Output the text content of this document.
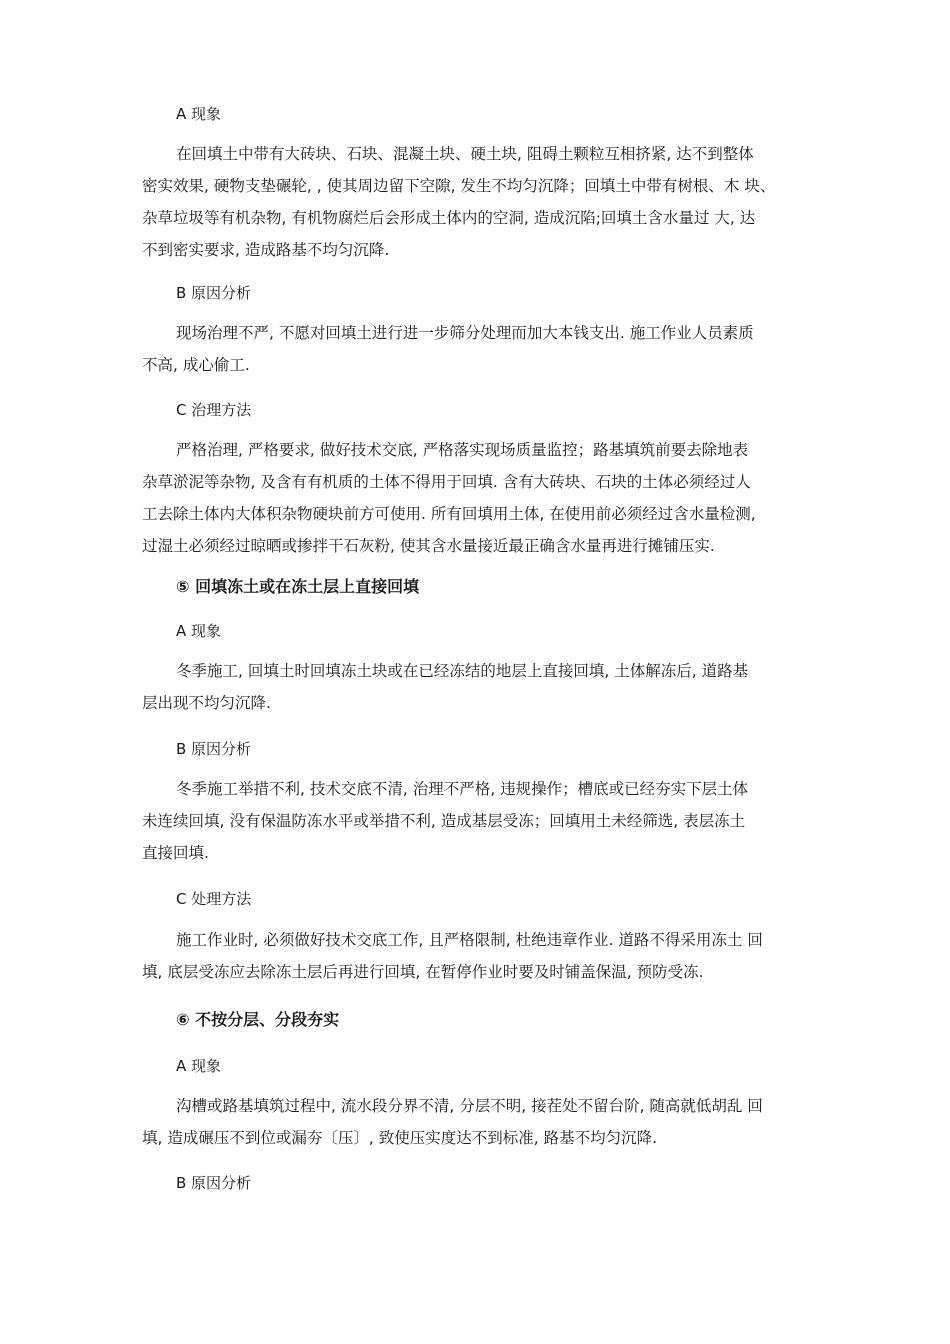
A 现象
在回填土中带有大砖块、石块、混凝土块、硬土块, 阻碍土颗粒互相挤紧, 达不到整体
密实效果, 硬物支垫碾轮, , 使其周边留下空隙, 发生不均匀沉降；回填土中带有树根、木 块、
杂草垃圾等有机杂物, 有机物腐烂后会形成土体内的空洞, 造成沉陷;回填土含水量过 大, 达
不到密实要求, 造成路基不均匀沉降.
B 原因分析
现场治理不严, 不愿对回填土进行进一步筛分处理而加大本钱支出. 施工作业人员素质
不高, 成心偷工.
C 治理方法
严格治理, 严格要求, 做好技术交底, 严格落实现场质量监控；路基填筑前要去除地表
杂草淤泥等杂物, 及含有有机质的土体不得用于回填. 含有大砖块、石块的土体必须经过人
工去除土体内大体积杂物硬块前方可使用. 所有回填用土体, 在使用前必须经过含水量检测,
过湿土必须经过晾晒或掺拌干石灰粉, 使其含水量接近最正确含水量再进行摊铺压实.
⑤ 回填冻土或在冻土层上直接回填
A 现象
冬季施工, 回填土时回填冻土块或在已经冻结的地层上直接回填, 土体解冻后, 道路基
层出现不均匀沉降.
B 原因分析
冬季施工举措不利, 技术交底不清, 治理不严格, 违规操作；槽底或已经夯实下层土体
未连续回填, 没有保温防冻水平或举措不利, 造成基层受冻；回填用土未经筛选, 表层冻土
直接回填.
C 处理方法
施工作业时, 必须做好技术交底工作, 且严格限制, 杜绝违章作业. 道路不得采用冻土 回
填, 底层受冻应去除冻土层后再进行回填, 在暂停作业时要及时铺盖保温, 预防受冻.
⑥ 不按分层、分段夯实
A 现象
沟槽或路基填筑过程中, 流水段分界不清, 分层不明, 接茬处不留台阶, 随高就低胡乱 回
填, 造成碾压不到位或漏夯〔压〕, 致使压实度达不到标准, 路基不均匀沉降.
B 原因分析
